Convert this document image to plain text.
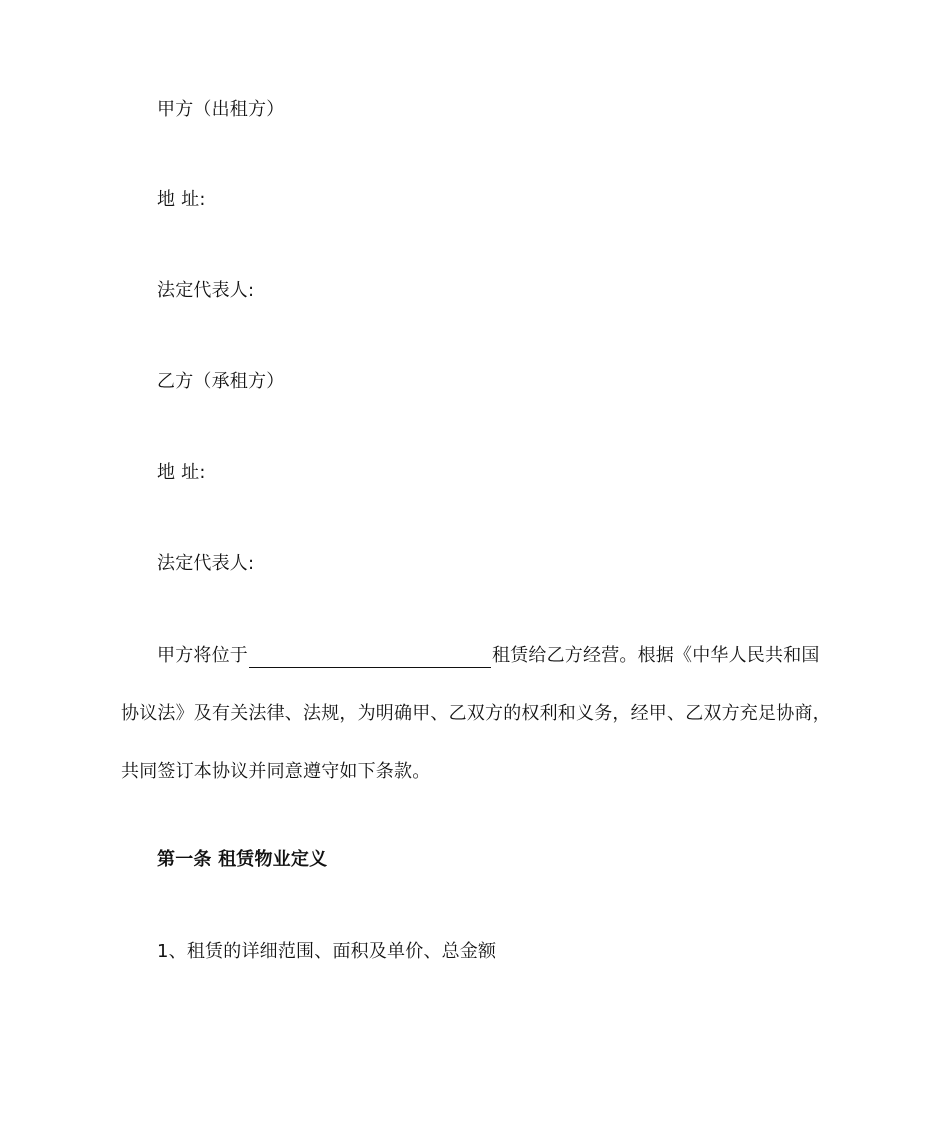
甲方（出租方）
地 址:
法定代表人:
乙方（承租方）
地 址:
法定代表人:
甲方将位于	租赁给乙方经营。根据《中华人民共和国
协议法》及有关法律、法规，为明确甲、乙双方的权利和义务，经甲、乙双方充足协商，
共同签订本协议并同意遵守如下条款。
第一条 租赁物业定义
1、租赁的详细范围、面积及单价、总金额
